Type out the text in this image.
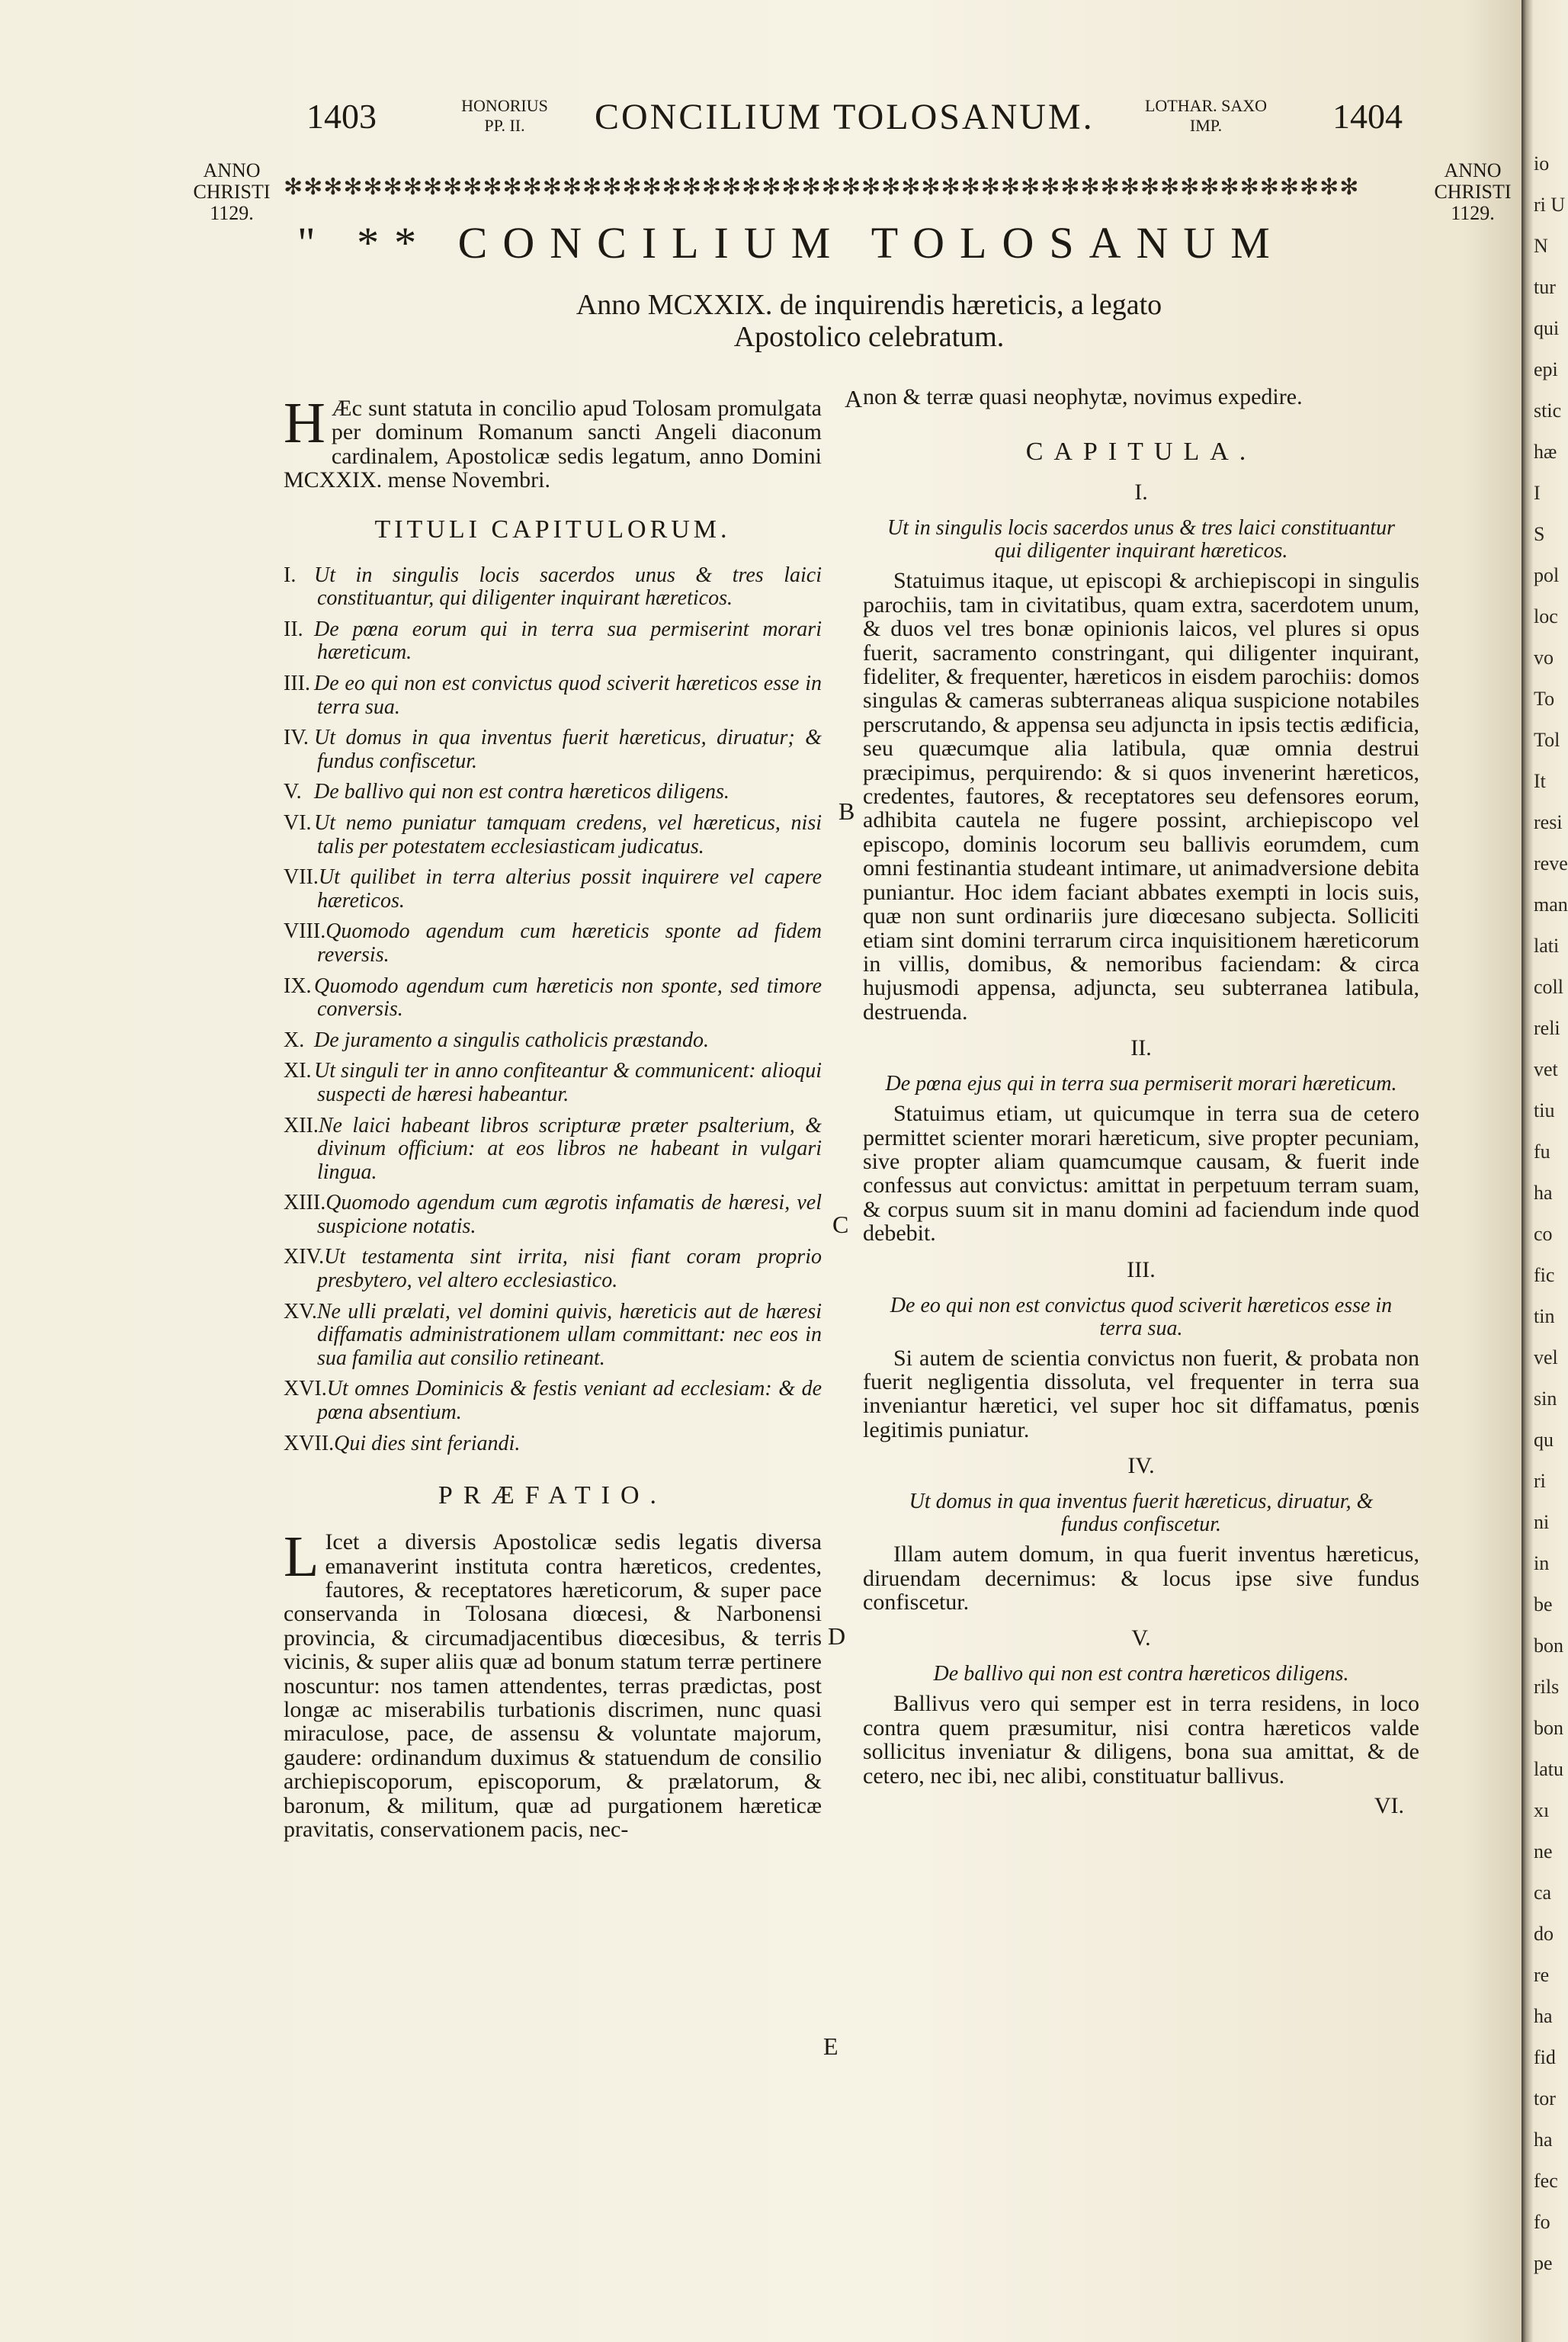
1403	HONORIUS
PP. II.	CONCILIUM TOLOSANUM.	LOTHAR. SAXO
IMP.	1404
ANNO
CHRISTI
1129.
ANNO
CHRISTI
1129.
✻✻✻✻✻✻✻✻✻✻✻✻✻✻✻✻✻✻✻✻✻✻✻✻✻✻✻✻✻✻✻✻✻✻✻✻✻✻✻✻✻✻✻✻✻✻✻✻✻✻✻✻✻✻
" ** CONCILIUM TOLOSANUM
Anno MCXXIX. de inquirendis hæreticis, a legato
Apostolico celebratum.
A
B
C
D
E

H Æc sunt statuta in concilio apud Tolosam promulgata per dominum Romanum sancti Angeli diaconum cardinalem, Apostolicæ sedis legatum, anno Domini MCXXIX. mense Novembri.

TITULI CAPITULORUM.
I. Ut in singulis locis sacerdos unus & tres laici constituantur, qui diligenter inquirant hæreticos.
II. De pœna eorum qui in terra sua permiserint morari hæreticum.
III. De eo qui non est convictus quod sciverit hæreticos esse in terra sua.
IV. Ut domus in qua inventus fuerit hæreticus, diruatur; & fundus confiscetur.
V. De ballivo qui non est contra hæreticos diligens.
VI. Ut nemo puniatur tamquam credens, vel hæreticus, nisi talis per potestatem ecclesiasticam judicatus.
VII.Ut quilibet in terra alterius possit inquirere vel capere hæreticos.
VIII.Quomodo agendum cum hæreticis sponte ad fidem reversis.
IX. Quomodo agendum cum hæreticis non sponte, sed timore conversis.
X. De juramento a singulis catholicis præstando.
XI. Ut singuli ter in anno confiteantur & communicent: alioqui suspecti de hæresi habeantur.
XII.Ne laici habeant libros scripturæ præter psalterium, & divinum officium: at eos libros ne habeant in vulgari lingua.
XIII.Quomodo agendum cum ægrotis infamatis de hæresi, vel suspicione notatis.
XIV.Ut testamenta sint irrita, nisi fiant coram proprio presbytero, vel altero ecclesiastico.
XV.Ne ulli prælati, vel domini quivis, hæreticis aut de hæresi diffamatis administrationem ullam committant: nec eos in sua familia aut consilio retineant.
XVI.Ut omnes Dominicis & festis veniant ad ecclesiam: & de pœna absentium.
XVII.Qui dies sint feriandi.
PRÆFATIO.

L Icet a diversis Apostolicæ sedis legatis diversa emanaverint instituta contra hæreticos, credentes, fautores, & receptatores hæreticorum, & super pace conservanda in Tolosana diœcesi, & Narbonensi provincia, & circumadjacentibus diœcesibus, & terris vicinis, & super aliis quæ ad bonum statum terræ pertinere noscuntur: nos tamen attendentes, terras prædictas, post longæ ac miserabilis turbationis discrimen, nunc quasi miraculose, pace, de assensu & voluntate majorum, gaudere: ordinandum duximus & statuendum de consilio archiepiscoporum, episcoporum, & prælatorum, & baronum, & militum, quæ ad purgationem hæreticæ pravitatis, conservationem pacis, nec-

non & terræ quasi neophytæ, novimus expedire.

CAPITULA.
I.
Ut in singulis locis sacerdos unus & tres laici constituantur qui diligenter inquirant hæreticos.

Statuimus itaque, ut episcopi & archiepiscopi in singulis parochiis, tam in civitatibus, quam extra, sacerdotem unum, & duos vel tres bonæ opinionis laicos, vel plures si opus fuerit, sacramento constringant, qui diligenter inquirant, fideliter, & frequenter, hæreticos in eisdem parochiis: domos singulas & cameras subterraneas aliqua suspicione notabiles perscrutando, & appensa seu adjuncta in ipsis tectis ædificia, seu quæcumque alia latibula, quæ omnia destrui præcipimus, perquirendo: & si quos invenerint hæreticos, credentes, fautores, & receptatores seu defensores eorum, adhibita cautela ne fugere possint, archiepiscopo vel episcopo, dominis locorum seu ballivis eorumdem, cum omni festinantia studeant intimare, ut animadversione debita puniantur. Hoc idem faciant abbates exempti in locis suis, quæ non sunt ordinariis jure diœcesano subjecta. Solliciti etiam sint domini terrarum circa inquisitionem hæreticorum in villis, domibus, & nemoribus faciendam: & circa hujusmodi appensa, adjuncta, seu subterranea latibula, destruenda.

II.
De pœna ejus qui in terra sua permiserit morari hæreticum.

Statuimus etiam, ut quicumque in terra sua de cetero permittet scienter morari hæreticum, sive propter pecuniam, sive propter aliam quamcumque causam, & fuerit inde confessus aut convictus: amittat in perpetuum terram suam, & corpus suum sit in manu domini ad faciendum inde quod debebit.

III.
De eo qui non est convictus quod sciverit hæreticos esse in terra sua.

Si autem de scientia convictus non fuerit, & probata non fuerit negligentia dissoluta, vel frequenter in terra sua inveniantur hæretici, vel super hoc sit diffamatus, pœnis legitimis puniatur.

IV.
Ut domus in qua inventus fuerit hæreticus, diruatur, & fundus confiscetur.

Illam autem domum, in qua fuerit inventus hæreticus, diruendam decernimus: & locus ipse sive fundus confiscetur.

V.
De ballivo qui non est contra hæreticos diligens.

Ballivus vero qui semper est in terra residens, in loco contra quem præsumitur, nisi contra hæreticos valde sollicitus inveniatur & diligens, bona sua amittat, & de cetero, nec ibi, nec alibi, constituatur ballivus.

VI.
io
ri U
N
tur
qui
epi
stic
hæ
I
S
pol
loc
vo
To
Tol
It
resi
reve
man
lati
coll
reli
vet
tiu
fu
ha
co
fic
tin
vel
sin
qu
ri
ni
in
be
bon
rils
bon
latu
xı
ne
ca
do
re
ha
fid
tor
ha
fec
fo
pe
